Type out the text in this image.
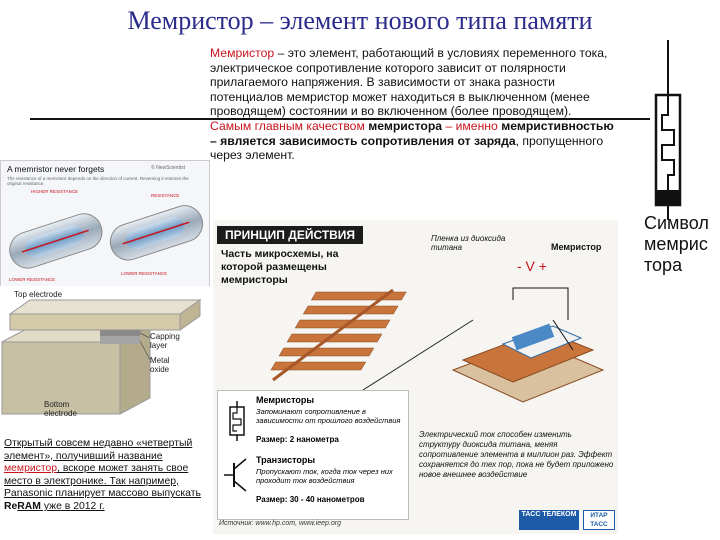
Мемристор – элемент нового типа памяти
Мемристор – это элемент, работающий в условиях переменного тока, электрическое сопротивление которого зависит от полярности прилагаемого напряжения. В зависимости от знака разности потенциалов мемристор может находиться в выключенном (менее проводящем) состоянии и во включенном (более проводящем).
Самым главным качеством мемристора – именно мемристивностью – является зависимость сопротивления от заряда, пропущенного через элемент.
Символ мемрис тора
A memristor never forgets	© NewScientist
The resistance of a memristor depends on the direction of current. Reversing it restores the original resistance.
HIGHER RESISTANCE
LOWER RESISTANCE
RESISTANCE
LOWER RESISTANCE
Top electrode
Capping layer
Metal oxide
Bottom electrode
Открытый совсем недавно «четвертый элемент», получивший название мемристор, вскоре может занять свое место в электронике. Так например, Panasonic планирует массово выпускать ReRAM уже в 2012 г.
ПРИНЦИП ДЕЙСТВИЯ
Часть микросхемы, на которой размещены мемристоры
Пленка из диоксида титана	Мемристор
- V +
Мемристоры
Запоминают сопротивление в зависимости от прошлого воздействия
Размер: 2 нанометра
Транзисторы
Пропускают ток, когда ток через них проходит ток воздействия
Размер: 30 - 40 нанометров
Электрический ток способен изменить структуру диоксида титана, меняя сопротивление элемента в миллион раз. Эффект сохраняется до тех пор, пока не будет приложено новое внешнее воздействие
Источник: www.hp.com, www.ieep.org
ТАСС ТЕЛЕКОМ	ИТАР ТАСС
